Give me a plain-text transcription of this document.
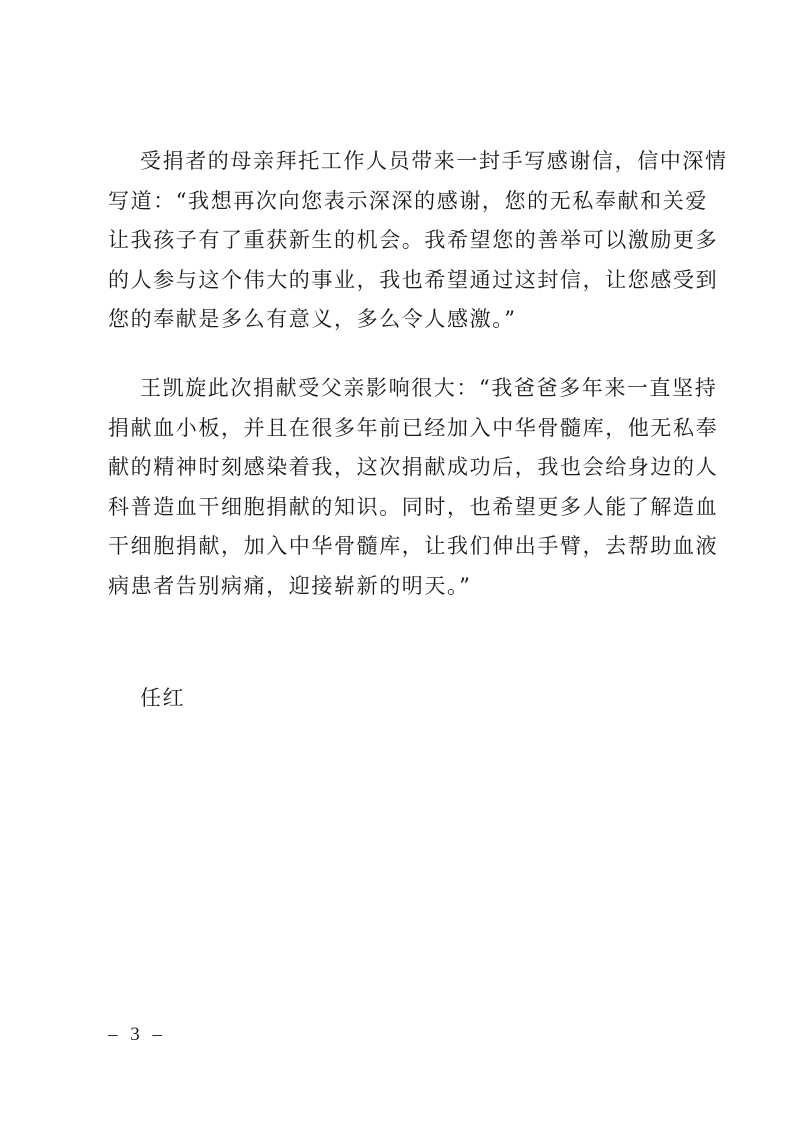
受捐者的母亲拜托工作人员带来一封手写感谢信，信中深情
写道：“我想再次向您表示深深的感谢，您的无私奉献和关爱
让我孩子有了重获新生的机会。我希望您的善举可以激励更多
的人参与这个伟大的事业，我也希望通过这封信，让您感受到
您的奉献是多么有意义，多么令人感激。”

王凯旋此次捐献受父亲影响很大：“我爸爸多年来一直坚持
捐献血小板，并且在很多年前已经加入中华骨髓库，他无私奉
献的精神时刻感染着我，这次捐献成功后，我也会给身边的人
科普造血干细胞捐献的知识。同时，也希望更多人能了解造血
干细胞捐献，加入中华骨髓库，让我们伸出手臂，去帮助血液
病患者告别病痛，迎接崭新的明天。”

任红

– 3 –
